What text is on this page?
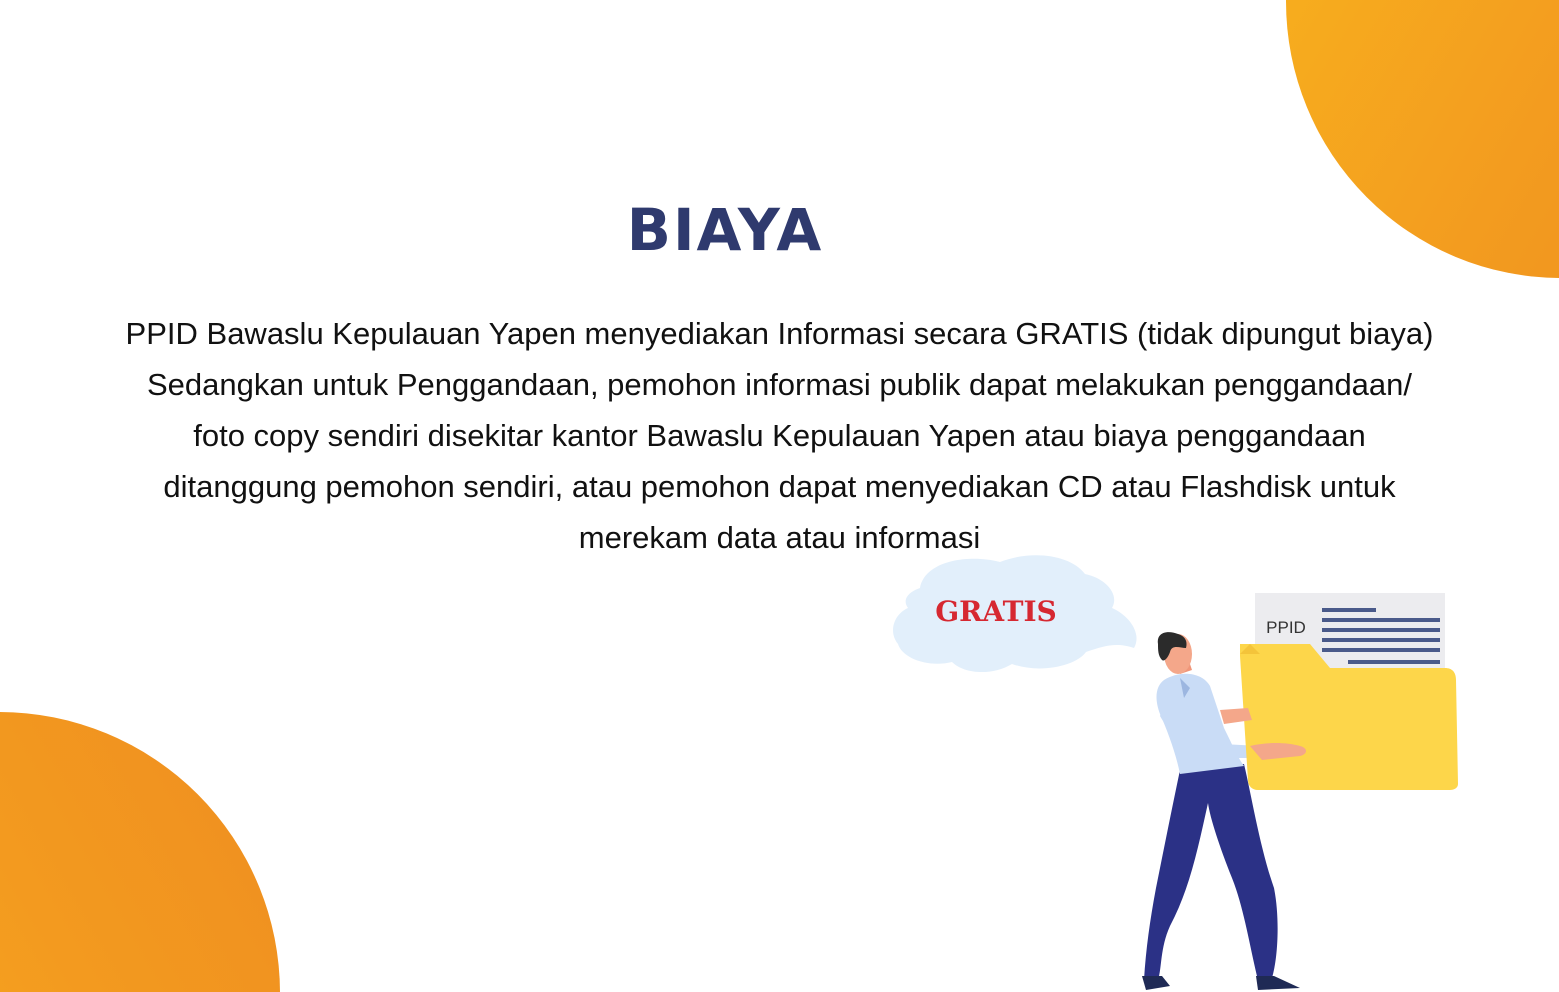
BIAYA
PPID Bawaslu Kepulauan Yapen menyediakan Informasi secara GRATIS (tidak dipungut biaya)
Sedangkan untuk Penggandaan, pemohon informasi publik dapat melakukan penggandaan/
foto copy sendiri disekitar kantor Bawaslu Kepulauan Yapen atau biaya penggandaan
ditanggung pemohon sendiri, atau pemohon dapat menyediakan CD atau Flashdisk untuk
merekam data atau informasi
GRATIS	PPID
